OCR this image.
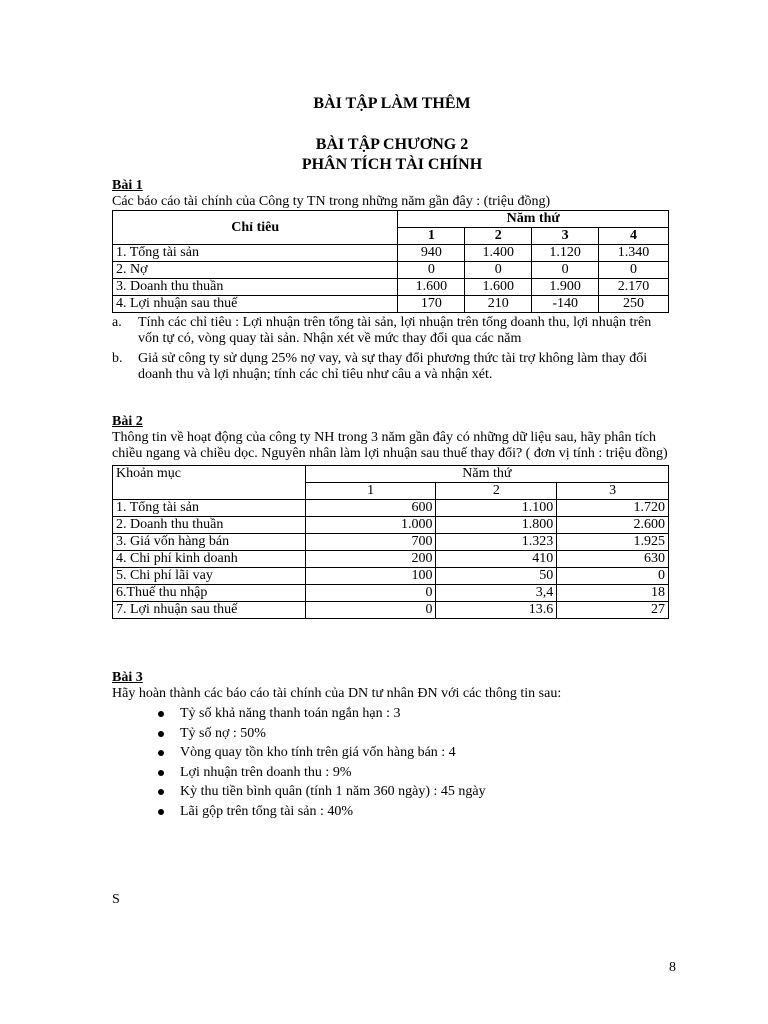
BÀI TẬP LÀM THÊM

BÀI TẬP CHƯƠNG 2

PHÂN TÍCH TÀI CHÍNH

Bài 1
Các báo cáo tài chính của Công ty TN trong những năm gần đây : (triệu đồng)
Chỉ tiêu	Năm thứ			
	1	2	3	4
1. Tổng tài sản	940	1.400	1.120	1.340
2. Nợ	0	0	0	0
3. Doanh thu thuần	1.600	1.600	1.900	2.170
4. Lợi nhuận sau thuế	170	210	-140	250
a. Tính các chỉ tiêu : Lợi nhuận trên tổng tài sản, lợi nhuận trên tổng doanh thu, lợi nhuận trên vốn tự có, vòng quay tài sản. Nhận xét về mức thay đổi qua các năm
b. Giả sử công ty sử dụng 25% nợ vay, và sự thay đổi phương thức tài trợ không làm thay đổi doanh thu và lợi nhuận; tính các chỉ tiêu như câu a và nhận xét.
Bài 2
Thông tin về hoạt động của công ty NH trong 3 năm gần đây có những dữ liệu sau, hãy phân tích chiều ngang và chiều dọc. Nguyên nhân làm lợi nhuận sau thuế thay đổi? ( đơn vị tính : triệu đồng)
Khoản mục	Năm thứ		
	1	2	3
1. Tổng tài sản	600	1.100	1.720
2. Doanh thu thuần	1.000	1.800	2.600
3. Giá vốn hàng bán	700	1.323	1.925
4. Chi phí kinh doanh	200	410	630
5. Chi phí lãi vay	100	50	0
6.Thuế thu nhập	0	3,4	18
7. Lợi nhuận sau thuế	0	13.6	27
Bài 3
Hãy hoàn thành các báo cáo tài chính của DN tư nhân ĐN với các thông tin sau:
Tỷ số khả năng thanh toán ngắn hạn : 3
Tỷ số nợ : 50%
Vòng quay tồn kho tính trên giá vốn hàng bán : 4
Lợi nhuận trên doanh thu : 9%
Kỳ thu tiền bình quân (tính 1 năm 360 ngày) : 45 ngày
Lãi gộp trên tổng tài sản : 40%
S
8
